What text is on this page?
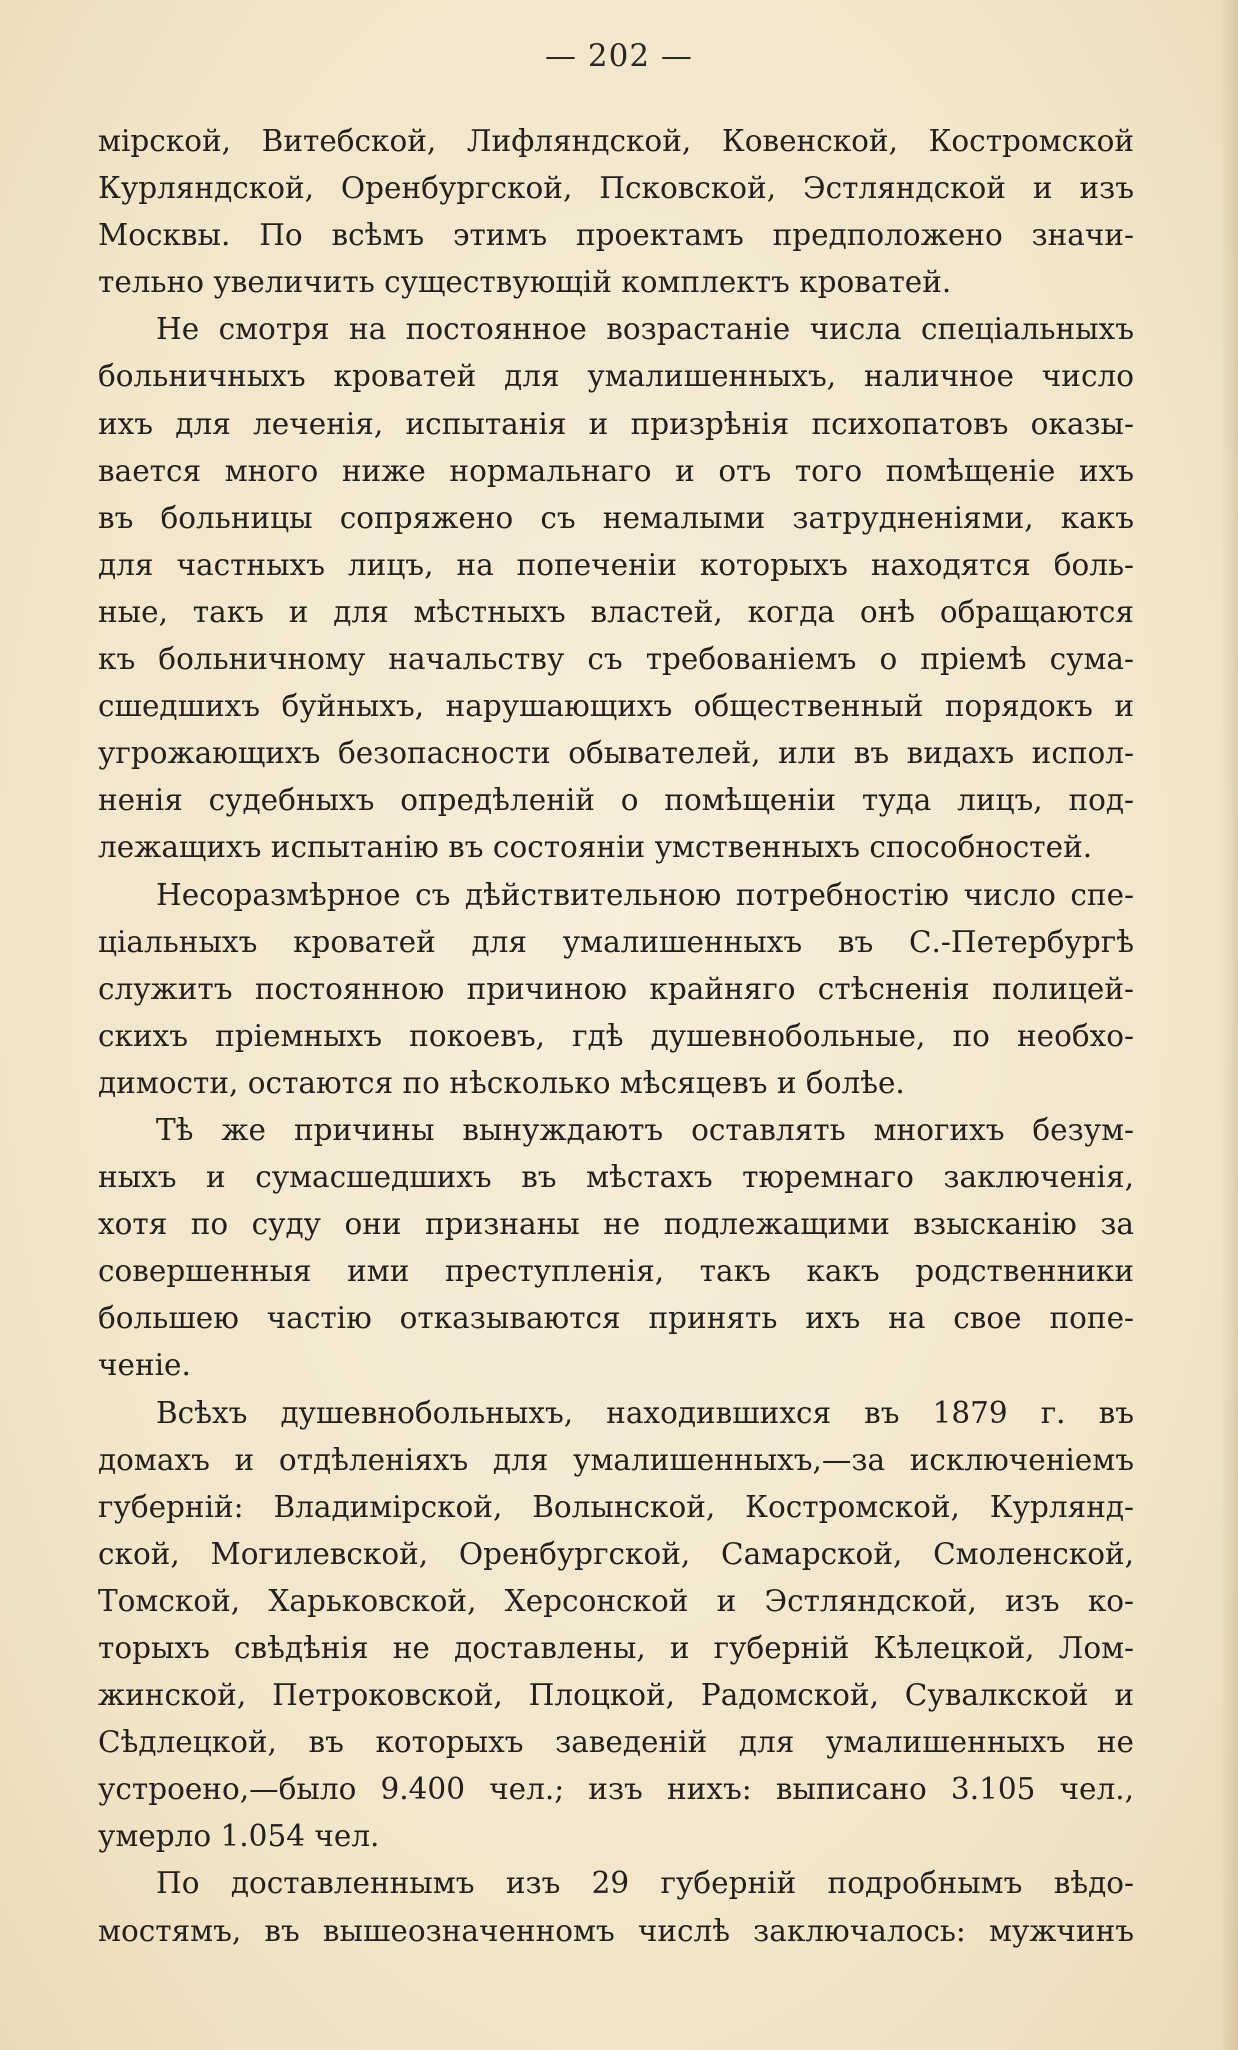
— 202 —
мірской, Витебской, Лифляндской, Ковенской, Костромской
Курляндской, Оренбургской, Псковской, Эстляндской и изъ
Москвы. По всѣмъ этимъ проектамъ предположено значи-
тельно увеличить существующій комплектъ кроватей.
Не смотря на постоянное возрастаніе числа спеціальныхъ
больничныхъ кроватей для умалишенныхъ, наличное число
ихъ для леченія, испытанія и призрѣнія психопатовъ оказы-
вается много ниже нормальнаго и отъ того помѣщеніе ихъ
въ больницы сопряжено съ немалыми затрудненіями, какъ
для частныхъ лицъ, на попеченіи которыхъ находятся боль-
ные, такъ и для мѣстныхъ властей, когда онѣ обращаются
къ больничному начальству съ требованіемъ о пріемѣ сума-
сшедшихъ буйныхъ, нарушающихъ общественный порядокъ и
угрожающихъ безопасности обывателей, или въ видахъ испол-
ненія судебныхъ опредѣленій о помѣщеніи туда лицъ, под-
лежащихъ испытанію въ состояніи умственныхъ способностей.
Несоразмѣрное съ дѣйствительною потребностію число спе-
ціальныхъ кроватей для умалишенныхъ въ С.-Петербургѣ
служитъ постоянною причиною крайняго стѣсненія полицей-
скихъ пріемныхъ покоевъ, гдѣ душевнобольные, по необхо-
димости, остаются по нѣсколько мѣсяцевъ и болѣе.
Тѣ же причины вынуждаютъ оставлять многихъ безум-
ныхъ и сумасшедшихъ въ мѣстахъ тюремнаго заключенія,
хотя по суду они признаны не подлежащими взысканію за
совершенныя ими преступленія, такъ какъ родственники
большею частію отказываются принять ихъ на свое попе-
ченіе.
Всѣхъ душевнобольныхъ, находившихся въ 1879 г. въ
домахъ и отдѣленіяхъ для умалишенныхъ,—за исключеніемъ
губерній: Владимірской, Волынской, Костромской, Курлянд-
ской, Могилевской, Оренбургской, Самарской, Смоленской,
Томской, Харьковской, Херсонской и Эстляндской, изъ ко-
торыхъ свѣдѣнія не доставлены, и губерній Кѣлецкой, Лом-
жинской, Петроковской, Плоцкой, Радомской, Сувалкской и
Сѣдлецкой, въ которыхъ заведеній для умалишенныхъ не
устроено,—было 9.400 чел.; изъ нихъ: выписано 3.105 чел.,
умерло 1.054 чел.
По доставленнымъ изъ 29 губерній подробнымъ вѣдо-
мостямъ, въ вышеозначенномъ числѣ заключалось: мужчинъ
